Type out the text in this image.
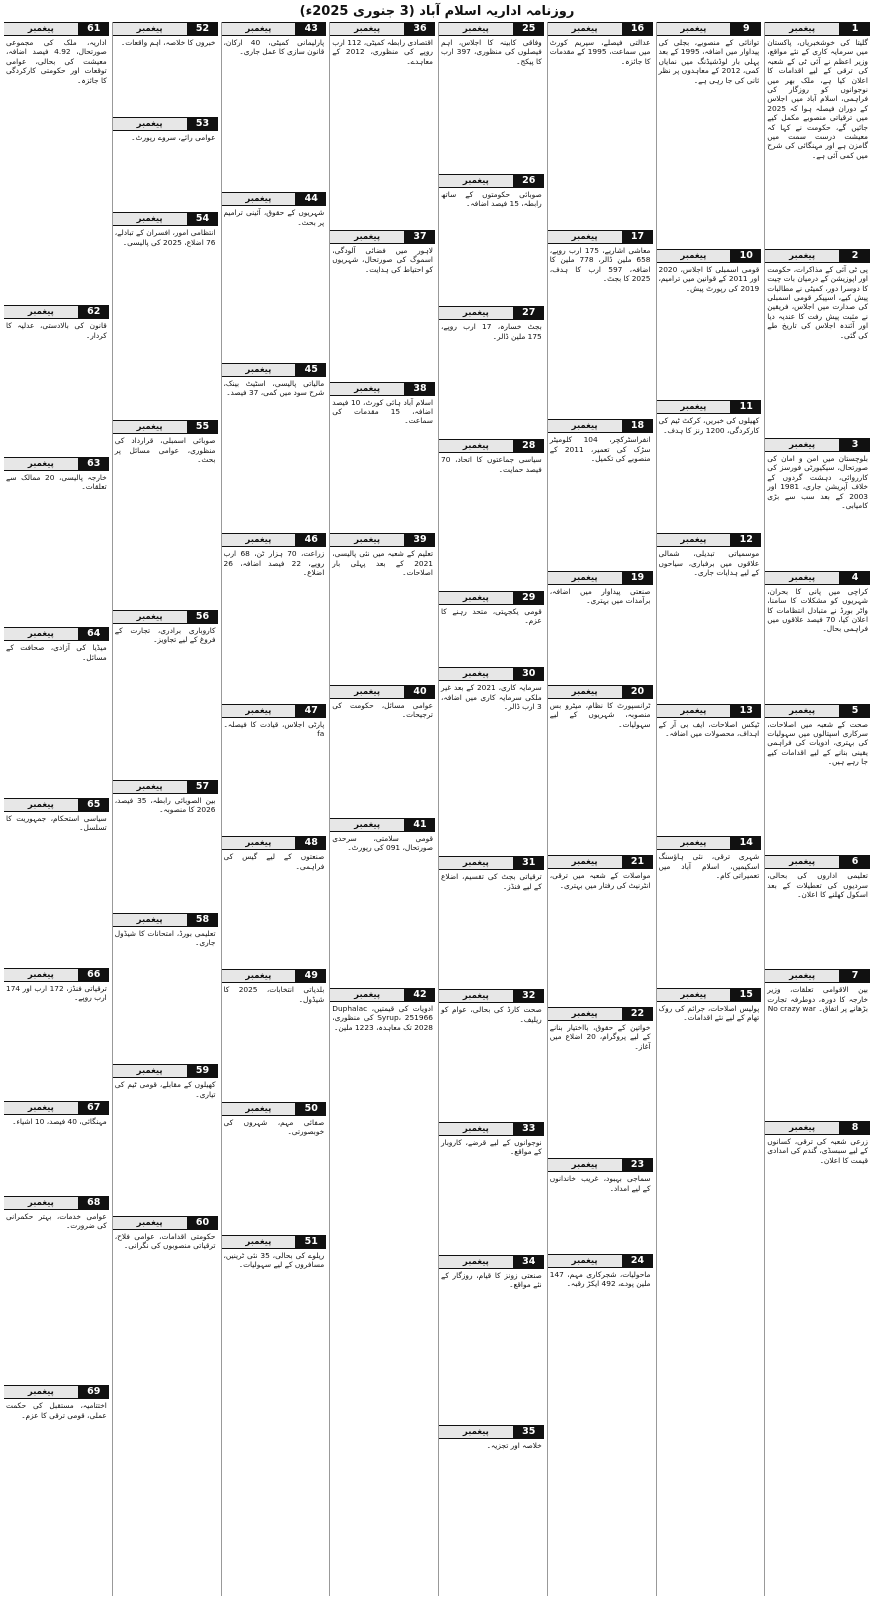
روزنامہ اداریہ اسلام آباد (3 جنوری 2025ء)
1
پیغمبر
گلیتا کی خوشخبریاں، پاکستان میں سرمایہ کاری کے نئے مواقع، وزیر اعظم نے آئی ٹی کے شعبہ کی ترقی کے لیے اقدامات کا اعلان کیا ہے، ملک بھر میں نوجوانوں کو روزگار کی فراہمی، اسلام آباد میں اجلاس کے دوران فیصلہ ہوا کہ 2025 میں ترقیاتی منصوبے مکمل کیے جائیں گے، حکومت نے کہا کہ معیشت درست سمت میں گامزن ہے اور مہنگائی کی شرح میں کمی آئی ہے۔
2
پیغمبر
پی ٹی آئی کے مذاکرات، حکومت اور اپوزیشن کے درمیان بات چیت کا دوسرا دور، کمیٹی نے مطالبات پیش کیے، اسپیکر قومی اسمبلی کی صدارت میں اجلاس، فریقین نے مثبت پیش رفت کا عندیہ دیا اور آئندہ اجلاس کی تاریخ طے کی گئی۔
3
پیغمبر
بلوچستان میں امن و امان کی صورتحال، سیکیورٹی فورسز کی کارروائی، دہشت گردوں کے خلاف آپریشن جاری، 1981 اور 2003 کے بعد سب سے بڑی کامیابی۔
4
پیغمبر
کراچی میں پانی کا بحران، شہریوں کو مشکلات کا سامنا، واٹر بورڈ نے متبادل انتظامات کا اعلان کیا، 70 فیصد علاقوں میں فراہمی بحال۔
5
پیغمبر
صحت کے شعبہ میں اصلاحات، سرکاری اسپتالوں میں سہولیات کی بہتری، ادویات کی فراہمی یقینی بنانے کے لیے اقدامات کیے جا رہے ہیں۔
6
پیغمبر
تعلیمی اداروں کی بحالی، سردیوں کی تعطیلات کے بعد اسکول کھلنے کا اعلان۔
7
پیغمبر
بین الاقوامی تعلقات، وزیر خارجہ کا دورہ، دوطرفہ تجارت بڑھانے پر اتفاق۔ No crazy war
8
پیغمبر
زرعی شعبہ کی ترقی، کسانوں کے لیے سبسڈی، گندم کی امدادی قیمت کا اعلان۔
9
پیغمبر
توانائی کے منصوبے، بجلی کی پیداوار میں اضافہ، 1995 کے بعد پہلی بار لوڈشیڈنگ میں نمایاں کمی، 2012 کے معاہدوں پر نظر ثانی کی جا رہی ہے۔
10
پیغمبر
قومی اسمبلی کا اجلاس، 2020 اور 2011 کے قوانین میں ترامیم، 2019 کی رپورٹ پیش۔
11
پیغمبر
کھیلوں کی خبریں، کرکٹ ٹیم کی کارکردگی، 1200 رنز کا ہدف۔
12
پیغمبر
موسمیاتی تبدیلی، شمالی علاقوں میں برفباری، سیاحوں کے لیے ہدایات جاری۔
13
پیغمبر
ٹیکس اصلاحات، ایف بی آر کے اہداف، محصولات میں اضافہ۔
14
پیغمبر
شہری ترقی، نئی ہاؤسنگ اسکیمیں، اسلام آباد میں تعمیراتی کام۔
15
پیغمبر
پولیس اصلاحات، جرائم کی روک تھام کے لیے نئے اقدامات۔
16
پیغمبر
عدالتی فیصلے، سپریم کورٹ میں سماعت، 1995 کے مقدمات کا جائزہ۔
17
پیغمبر
معاشی اشاریے، 175 ارب روپے، 658 ملین ڈالر، 778 ملین کا اضافہ، 597 ارب کا ہدف، 2025 کا بجٹ۔
18
پیغمبر
انفراسٹرکچر، 104 کلومیٹر سڑک کی تعمیر، 2011 کے منصوبے کی تکمیل۔
19
پیغمبر
صنعتی پیداوار میں اضافہ، برآمدات میں بہتری۔
20
پیغمبر
ٹرانسپورٹ کا نظام، میٹرو بس منصوبہ، شہریوں کے لیے سہولیات۔
21
پیغمبر
مواصلات کے شعبہ میں ترقی، انٹرنیٹ کی رفتار میں بہتری۔
22
پیغمبر
خواتین کے حقوق، بااختیار بنانے کے لیے پروگرام، 20 اضلاع میں آغاز۔
23
پیغمبر
سماجی بہبود، غریب خاندانوں کے لیے امداد۔
24
پیغمبر
ماحولیات، شجرکاری مہم، 147 ملین پودے، 492 ایکڑ رقبہ۔
25
پیغمبر
وفاقی کابینہ کا اجلاس، اہم فیصلوں کی منظوری، 397 ارب کا پیکج۔
26
پیغمبر
صوبائی حکومتوں کے ساتھ رابطہ، 15 فیصد اضافہ۔
27
پیغمبر
بجٹ خسارہ، 17 ارب روپے، 175 ملین ڈالر۔
28
پیغمبر
سیاسی جماعتوں کا اتحاد، 70 فیصد حمایت۔
29
پیغمبر
قومی یکجہتی، متحد رہنے کا عزم۔
30
پیغمبر
سرمایہ کاری، 2021 کے بعد غیر ملکی سرمایہ کاری میں اضافہ، 3 ارب ڈالر۔
31
پیغمبر
ترقیاتی بجٹ کی تقسیم، اضلاع کے لیے فنڈز۔
32
پیغمبر
صحت کارڈ کی بحالی، عوام کو ریلیف۔
33
پیغمبر
نوجوانوں کے لیے قرضے، کاروبار کے مواقع۔
34
پیغمبر
صنعتی زونز کا قیام، روزگار کے نئے مواقع۔
35
پیغمبر
خلاصہ اور تجزیہ۔
36
پیغمبر
اقتصادی رابطہ کمیٹی، 112 ارب روپے کی منظوری، 2012 کے معاہدے۔
37
پیغمبر
لاہور میں فضائی آلودگی، اسموگ کی صورتحال، شہریوں کو احتیاط کی ہدایت۔
38
پیغمبر
اسلام آباد ہائی کورٹ، 10 فیصد اضافہ، 15 مقدمات کی سماعت۔
39
پیغمبر
تعلیم کے شعبہ میں نئی پالیسی، 2021 کے بعد پہلی بار اصلاحات۔
40
پیغمبر
عوامی مسائل، حکومت کی ترجیحات۔
41
پیغمبر
قومی سلامتی، سرحدی صورتحال، 091 کی رپورٹ۔
42
پیغمبر
ادویات کی قیمتیں، Duphalac Syrup، 251966 کی منظوری، 2028 تک معاہدہ، 1223 ملین۔
43
پیغمبر
پارلیمانی کمیٹی، 40 ارکان، قانون سازی کا عمل جاری۔
44
پیغمبر
شہریوں کے حقوق، آئینی ترامیم پر بحث۔
45
پیغمبر
مالیاتی پالیسی، اسٹیٹ بینک، شرح سود میں کمی، 37 فیصد۔
46
پیغمبر
زراعت، 70 ہزار ٹن، 68 ارب روپے، 22 فیصد اضافہ، 26 اضلاع۔
47
پیغمبر
پارٹی اجلاس، قیادت کا فیصلہ۔ fa
48
پیغمبر
صنعتوں کے لیے گیس کی فراہمی۔
49
پیغمبر
بلدیاتی انتخابات، 2025 کا شیڈول۔
50
پیغمبر
صفائی مہم، شہروں کی خوبصورتی۔
51
پیغمبر
ریلوے کی بحالی، 35 نئی ٹرینیں، مسافروں کے لیے سہولیات۔
52
پیغمبر
خبروں کا خلاصہ، اہم واقعات۔
53
پیغمبر
عوامی رائے، سروے رپورٹ۔
54
پیغمبر
انتظامی امور، افسران کے تبادلے، 76 اضلاع، 2025 کی پالیسی۔
55
پیغمبر
صوبائی اسمبلی، قرارداد کی منظوری، عوامی مسائل پر بحث۔
56
پیغمبر
کاروباری برادری، تجارت کے فروغ کے لیے تجاویز۔
57
پیغمبر
بین الصوبائی رابطہ، 35 فیصد، 2026 کا منصوبہ۔
58
پیغمبر
تعلیمی بورڈ، امتحانات کا شیڈول جاری۔
59
پیغمبر
کھیلوں کے مقابلے، قومی ٹیم کی تیاری۔
60
پیغمبر
حکومتی اقدامات، عوامی فلاح، ترقیاتی منصوبوں کی نگرانی۔
61
پیغمبر
اداریہ، ملک کی مجموعی صورتحال، 4.92 فیصد اضافہ، معیشت کی بحالی، عوامی توقعات اور حکومتی کارکردگی کا جائزہ۔
62
پیغمبر
قانون کی بالادستی، عدلیہ کا کردار۔
63
پیغمبر
خارجہ پالیسی، 20 ممالک سے تعلقات۔
64
پیغمبر
میڈیا کی آزادی، صحافت کے مسائل۔
65
پیغمبر
سیاسی استحکام، جمہوریت کا تسلسل۔
66
پیغمبر
ترقیاتی فنڈز، 172 ارب اور 174 ارب روپے۔
67
پیغمبر
مہنگائی، 40 فیصد، 10 اشیاء۔
68
پیغمبر
عوامی خدمات، بہتر حکمرانی کی ضرورت۔
69
پیغمبر
اختتامیہ، مستقبل کی حکمت عملی، قومی ترقی کا عزم۔
